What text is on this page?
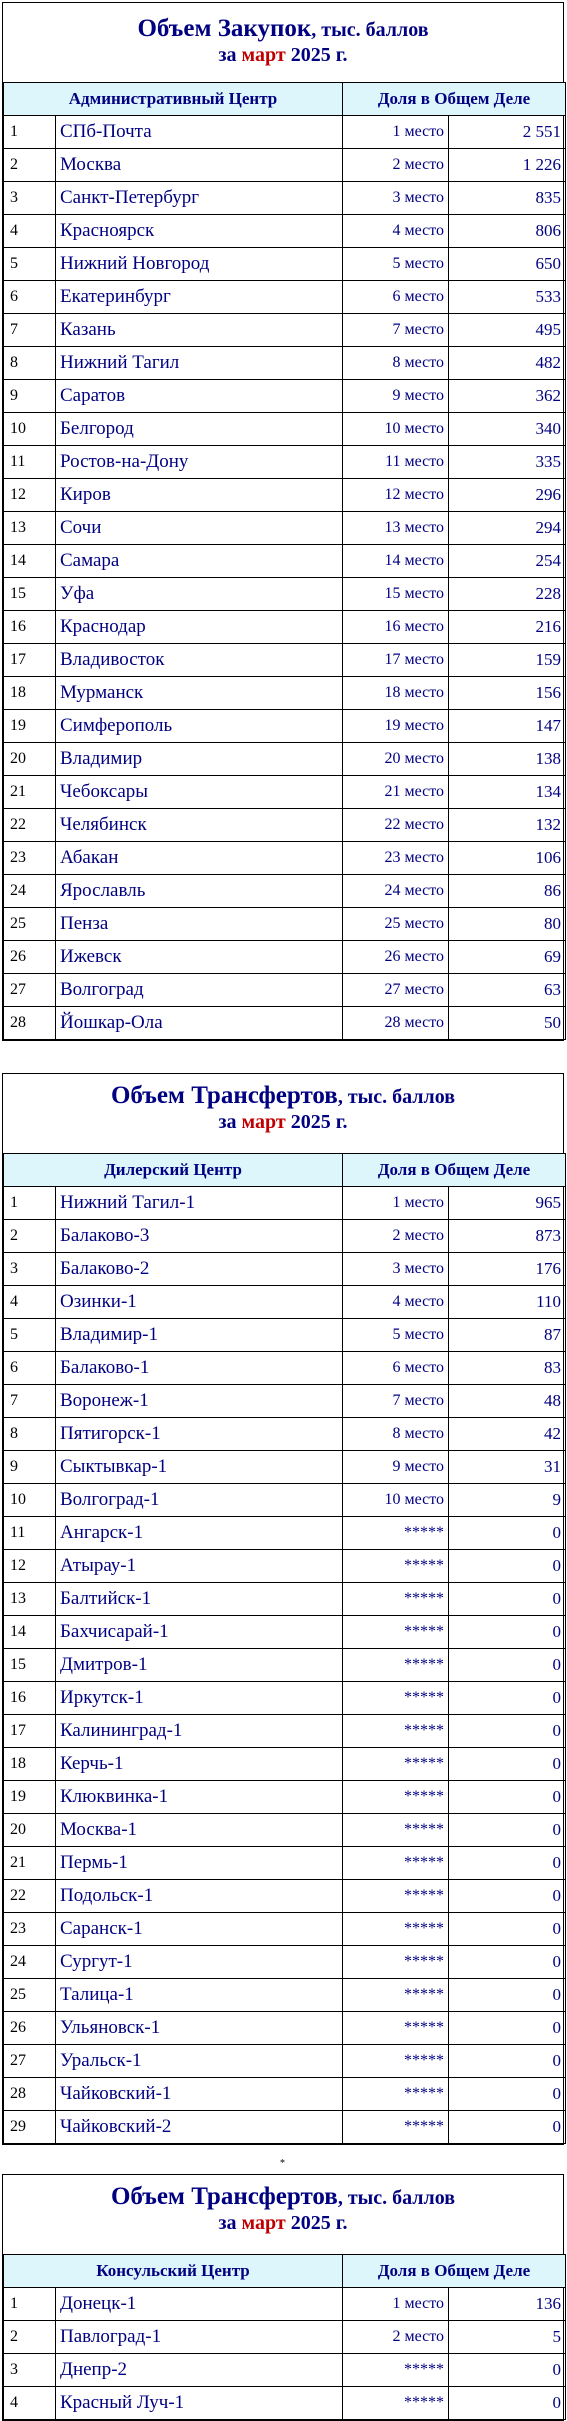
Объем Закупок, тыс. баллов
за март 2025 г.
Административный Центр		Доля в Общем Деле	
1	СПб-Почта	1 место	2 551
2	Москва	2 место	1 226
3	Санкт-Петербург	3 место	835
4	Красноярск	4 место	806
5	Нижний Новгород	5 место	650
6	Екатеринбург	6 место	533
7	Казань	7 место	495
8	Нижний Тагил	8 место	482
9	Саратов	9 место	362
10	Белгород	10 место	340
11	Ростов-на-Дону	11 место	335
12	Киров	12 место	296
13	Сочи	13 место	294
14	Самара	14 место	254
15	Уфа	15 место	228
16	Краснодар	16 место	216
17	Владивосток	17 место	159
18	Мурманск	18 место	156
19	Симферополь	19 место	147
20	Владимир	20 место	138
21	Чебоксары	21 место	134
22	Челябинск	22 место	132
23	Абакан	23 место	106
24	Ярославль	24 место	86
25	Пенза	25 место	80
26	Ижевск	26 место	69
27	Волгоград	27 место	63
28	Йошкар-Ола	28 место	50
Объем Трансфертов, тыс. баллов
за март 2025 г.
Дилерский Центр		Доля в Общем Деле	
1	Нижний Тагил-1	1 место	965
2	Балаково-3	2 место	873
3	Балаково-2	3 место	176
4	Озинки-1	4 место	110
5	Владимир-1	5 место	87
6	Балаково-1	6 место	83
7	Воронеж-1	7 место	48
8	Пятигорск-1	8 место	42
9	Сыктывкар-1	9 место	31
10	Волгоград-1	10 место	9
11	Ангарск-1	*****	0
12	Атырау-1	*****	0
13	Балтийск-1	*****	0
14	Бахчисарай-1	*****	0
15	Дмитров-1	*****	0
16	Иркутск-1	*****	0
17	Калининград-1	*****	0
18	Керчь-1	*****	0
19	Клюквинка-1	*****	0
20	Москва-1	*****	0
21	Пермь-1	*****	0
22	Подольск-1	*****	0
23	Саранск-1	*****	0
24	Сургут-1	*****	0
25	Талица-1	*****	0
26	Ульяновск-1	*****	0
27	Уральск-1	*****	0
28	Чайковский-1	*****	0
29	Чайковский-2	*****	0
*
Объем Трансфертов, тыс. баллов
за март 2025 г.
Консульский Центр		Доля в Общем Деле	
1	Донецк-1	1 место	136
2	Павлоград-1	2 место	5
3	Днепр-2	*****	0
4	Красный Луч-1	*****	0
